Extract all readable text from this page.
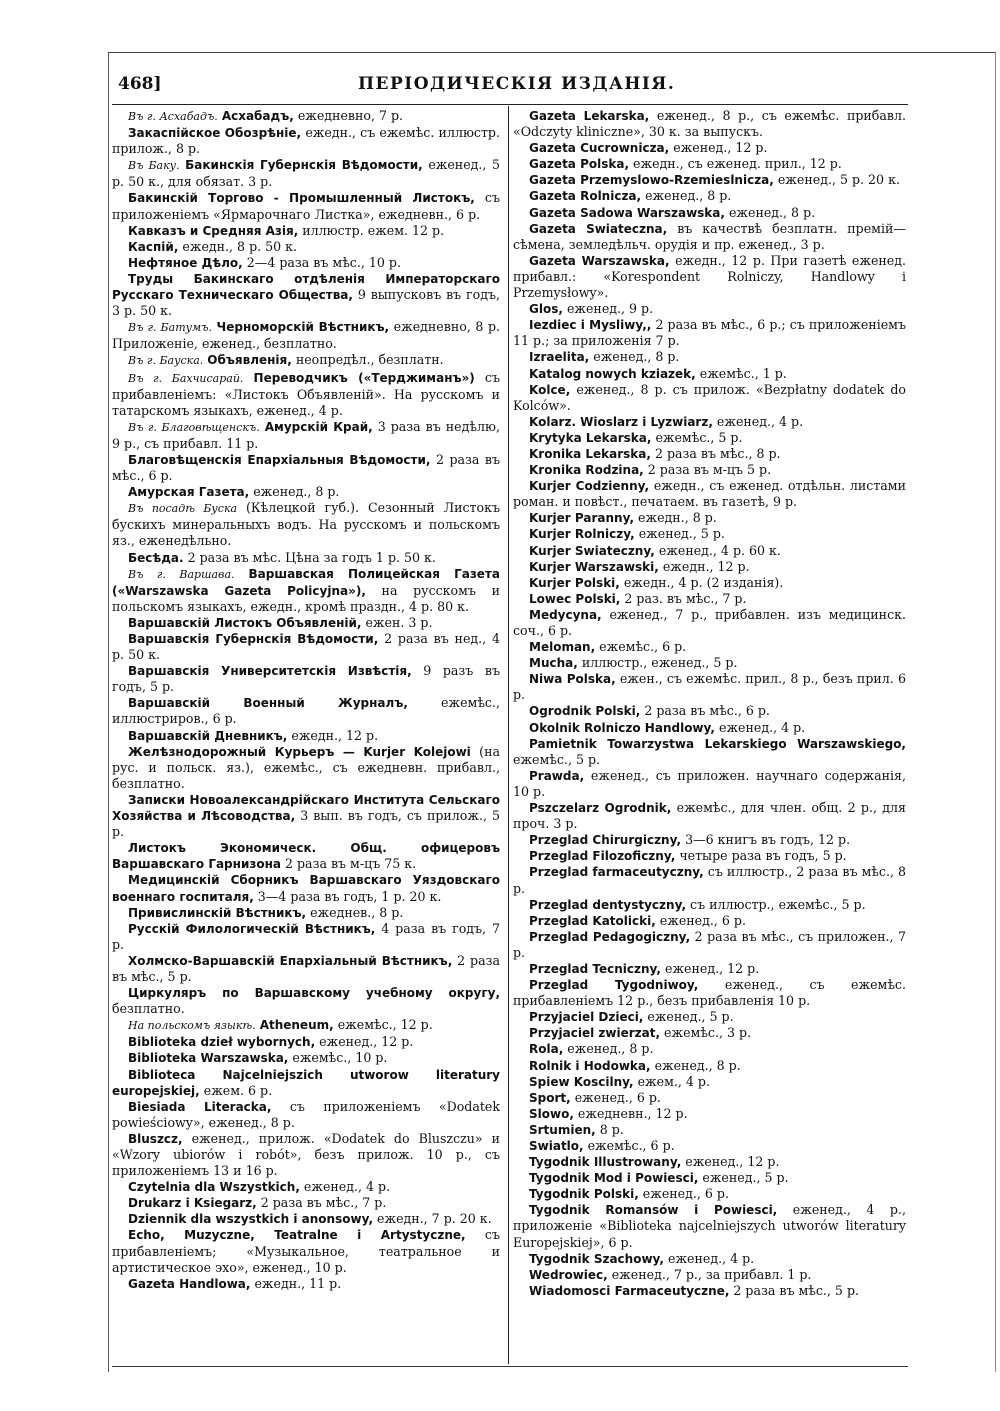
468]	ПЕРІОДИЧЕСКІЯ ИЗДАНІЯ.

Въ г. Асхабадъ. Асхабадъ, ежедневно, 7 р.

Закаспійское Обозрѣніе, ежедн., съ ежемѣс. иллюстр. прилож., 8 р.

Въ Баку. Бакинскія Губернскія Вѣдомости, еженед., 5 р. 50 к., для обязат. 3 р.

Бакинскій Торгово - Промышленный Листокъ, съ приложеніемъ «Ярмарочнаго Листка», ежедневн., 6 р.

Кавказъ и Средняя Азія, иллюстр. ежем. 12 р.

Каспій, ежедн., 8 р. 50 к.

Нефтяное Дѣло, 2—4 раза въ мѣс., 10 р.

Труды Бакинскаго отдѣленія Императорскаго Русскаго Техническаго Общества, 9 выпусковъ въ годъ, 3 р. 50 к.

Въ г. Батумъ. Черноморскій Вѣстникъ, ежедневно, 8 р. Приложеніе, еженед., безплатно.

Въ г. Бауска. Объявленія, неопредѣл., безплатн.

Въ г. Бахчисарай. Переводчикъ («Терджиманъ») съ прибавленіемъ: «Листокъ Объявленій». На русскомъ и татарскомъ языкахъ, еженед., 4 р.

Въ г. Благовѣщенскъ. Амурскій Край, 3 раза въ недѣлю, 9 р., съ прибавл. 11 р.

Благовѣщенскія Епархіальныя Вѣдомости, 2 раза въ мѣс., 6 р.

Амурская Газета, еженед., 8 р.

Въ посадѣ Буска (Кѣлецкой губ.). Сезонный Листокъ буcкихъ минеральныхъ водъ. На русскомъ и польскомъ яз., еженедѣльно.

Бесѣда. 2 раза въ мѣс. Цѣна за годъ 1 р. 50 к.

Въ г. Варшава. Варшавская Полицейская Газета («Warszawska Gazeta Policyjna»), на русскомъ и польскомъ языкахъ, ежедн., кромѣ праздн., 4 р. 80 к.

Варшавскій Листокъ Объявленій, ежен. 3 р.

Варшавскія Губернскія Вѣдомости, 2 раза въ нед., 4 р. 50 к.

Варшавскія Университетскія Извѣстія, 9 разъ въ годъ, 5 р.

Варшавскій Военный Журналъ,	ежемѣс., иллюстриров., 6 р.

Варшавскій Дневникъ, ежедн., 12 р.

Желѣзнодорожный Курьеръ — Kurjer Kolejowi (на рус. и польск. яз.), ежемѣс., съ ежедневн. прибавл., безплатно.

Записки Новоалександрійскаго Института Сельскаго Хозяйства и Лѣсоводства, 3 вып. въ годъ, съ прилож., 5 р.

Листокъ Экономическ. Общ. офицеровъ Варшавскаго Гарнизона 2 раза въ м-цъ 75 к.

Медицинскій Сборникъ Варшавскаго Уяздовскаго военнаго госпиталя, 3—4 раза въ годъ, 1 р. 20 к.

Привислинскій Вѣстникъ, ежеднев., 8 р.

Русскій Филологическій Вѣстникъ, 4 раза въ годъ, 7 р.

Холмско-Варшавскій Епархіальный Вѣстникъ, 2 раза въ мѣс., 5 р.

Циркуляръ по Варшавскому учебному округу, безплатно.

На польскомъ языкѣ. Atheneum, ежемѣс., 12 р.

Biblioteka dzieł wybornych, еженед., 12 р.

Biblioteka Warszawska, ежемѣс., 10 р.

Biblioteca Najcelniejszich utworow literatury europejskiej, ежем. 6 р.

Biesiada Literacka, съ приложеніемъ «Dodatek powieściowy», еженед., 8 р.

Bluszcz, еженед., прилож. «Dodatek do Bluszczu» и «Wzory ubiorów i robót», безъ прилож. 10 р., съ приложеніемъ 13 и 16 р.

Czytelnia dla Wszystkich, еженед., 4 р.

Drukarz i Ksiegarz, 2 раза въ мѣс., 7 р.

Dziennik dla wszystkich i anonsowy, ежедн., 7 р. 20 к.

Echo, Muzyczne, Teatralne i Artystyczne, съ прибавленіемъ; «Музыкальное, театральное и артистическое эхо», еженед., 10 р.

Gazeta Handlowa, ежедн., 11 р.

Gazeta Lekarska, еженед., 8 р., съ ежемѣс. прибавл. «Odczyty kliniczne», 30 к. за выпускъ.

Gazeta Cucrownicza, еженед., 12 р.

Gazeta Polska, ежедн., съ еженед. прил., 12 р.

Gazeta Przemyslowo-Rzemieslnicza, еженед., 5 р. 20 к.

Gazeta Rolnicza, еженед., 8 р.

Gazeta Sadowa Warszawska, еженед., 8 р.

Gazeta Swiateczna, въ качествѣ безплатн. премій—сѣмена, земледѣльч. орудія и пр. еженед., 3 р.

Gazeta Warszawska, ежедн., 12 р. При газетѣ еженед. прибавл.: «Korespondent Rolniczy, Handlowy i Przemysłowy».

Glos, еженед., 9 р.

Iezdiec i Mysliwy,, 2 раза въ мѣс., 6 р.; съ приложеніемъ 11 р.; за приложенія 7 р.

Izraelita, еженед., 8 р.

Katalog nowych kziazek, ежемѣс., 1 р.

Kolce, еженед., 8 р. съ прилож. «Bezpłatny dodatek do Kolców».

Kolarz. Wioslarz i Lyzwiarz, еженед., 4 р.

Krytyka Lekarska, ежемѣс., 5 р.

Kronika Lekarska, 2 раза въ мѣс., 8 р.

Kronika Rodzina, 2 раза въ м-цъ 5 р.

Kurjer Codzienny, ежедн., съ еженед. отдѣльн. листами роман. и повѣст., печатаем. въ газетѣ, 9 р.

Kurjer Paranny, ежедн., 8 р.

Kurjer Rolniczy, еженед., 5 р.

Kurjer Swiateczny, еженед., 4 р. 60 к.

Kurjer Warszawski, ежедн., 12 р.

Kurjer Polski, ежедн., 4 р. (2 изданія).

Lowec Polski, 2 раз. въ мѣс., 7 р.

Medycyna, еженед., 7 р., прибавлен. изъ медицинск. соч., 6 р.

Meloman, ежемѣс., 6 р.

Mucha, иллюстр., еженед., 5 р.

Niwa Polska, ежен., съ ежемѣс. прил., 8 р., безъ прил. 6 р.

Ogrodnik Polski, 2 раза въ мѣс., 6 р.

Okolnik Rolniczo Handlowy, еженед., 4 р.

Pamietnik Towarzystwa Lekarskiego Warszawskiego, ежемѣс., 5 р.

Prawda, еженед., съ приложен. научнаго содержанія, 10 р.

Pszczelarz Ogrodnik, ежемѣс., для член. общ. 2 р., для проч. 3 р.

Przeglad Chirurgiczny, 3—6 книгъ въ годъ, 12 р.

Przeglad Filozoficzny, четыре раза въ годъ, 5 р.

Przeglad farmaceutyczny, съ иллюстр., 2 раза въ мѣс., 8 р.

Przeglad dentystyczny, съ иллюстр., ежемѣс., 5 р.

Przeglad Katolicki, еженед., 6 р.

Przeglad Pedagogiczny, 2 раза въ мѣс., съ приложен., 7 р.

Przeglad Tecniczny, еженед., 12 р.

Przeglad Tygodniwoy, еженед., съ ежемѣс. прибавленіемъ 12 р., безъ прибавленія 10 р.

Przyjaciel Dzieci, еженед., 5 р.

Przyjaciel zwierzat, ежемѣс., 3 р.

Rola, еженед., 8 р.

Rolnik i Hodowka, еженед., 8 р.

Spiew Koscilny, ежем., 4 р.

Sport, еженед., 6 р.

Slowo, ежедневн., 12 р.

Srtumien, 8 р.

Swiatlo, ежемѣс., 6 р.

Tygodnik Illustrowany, еженед., 12 р.

Tygodnik Mod i Powiesci, еженед., 5 р.

Tygodnik Polski, еженед., 6 р.

Tygodnik Romansów i Powiesci, еженед., 4 р., приложеніе «Biblioteka najcelniejszych utworów literatury Europejskiej», 6 р.

Tygodnik Szachowy, еженед., 4 р.

Wedrowiec, еженед., 7 р., за прибавл. 1 р.

Wiadomosci Farmaceutyczne, 2 раза въ мѣс., 5 р.
